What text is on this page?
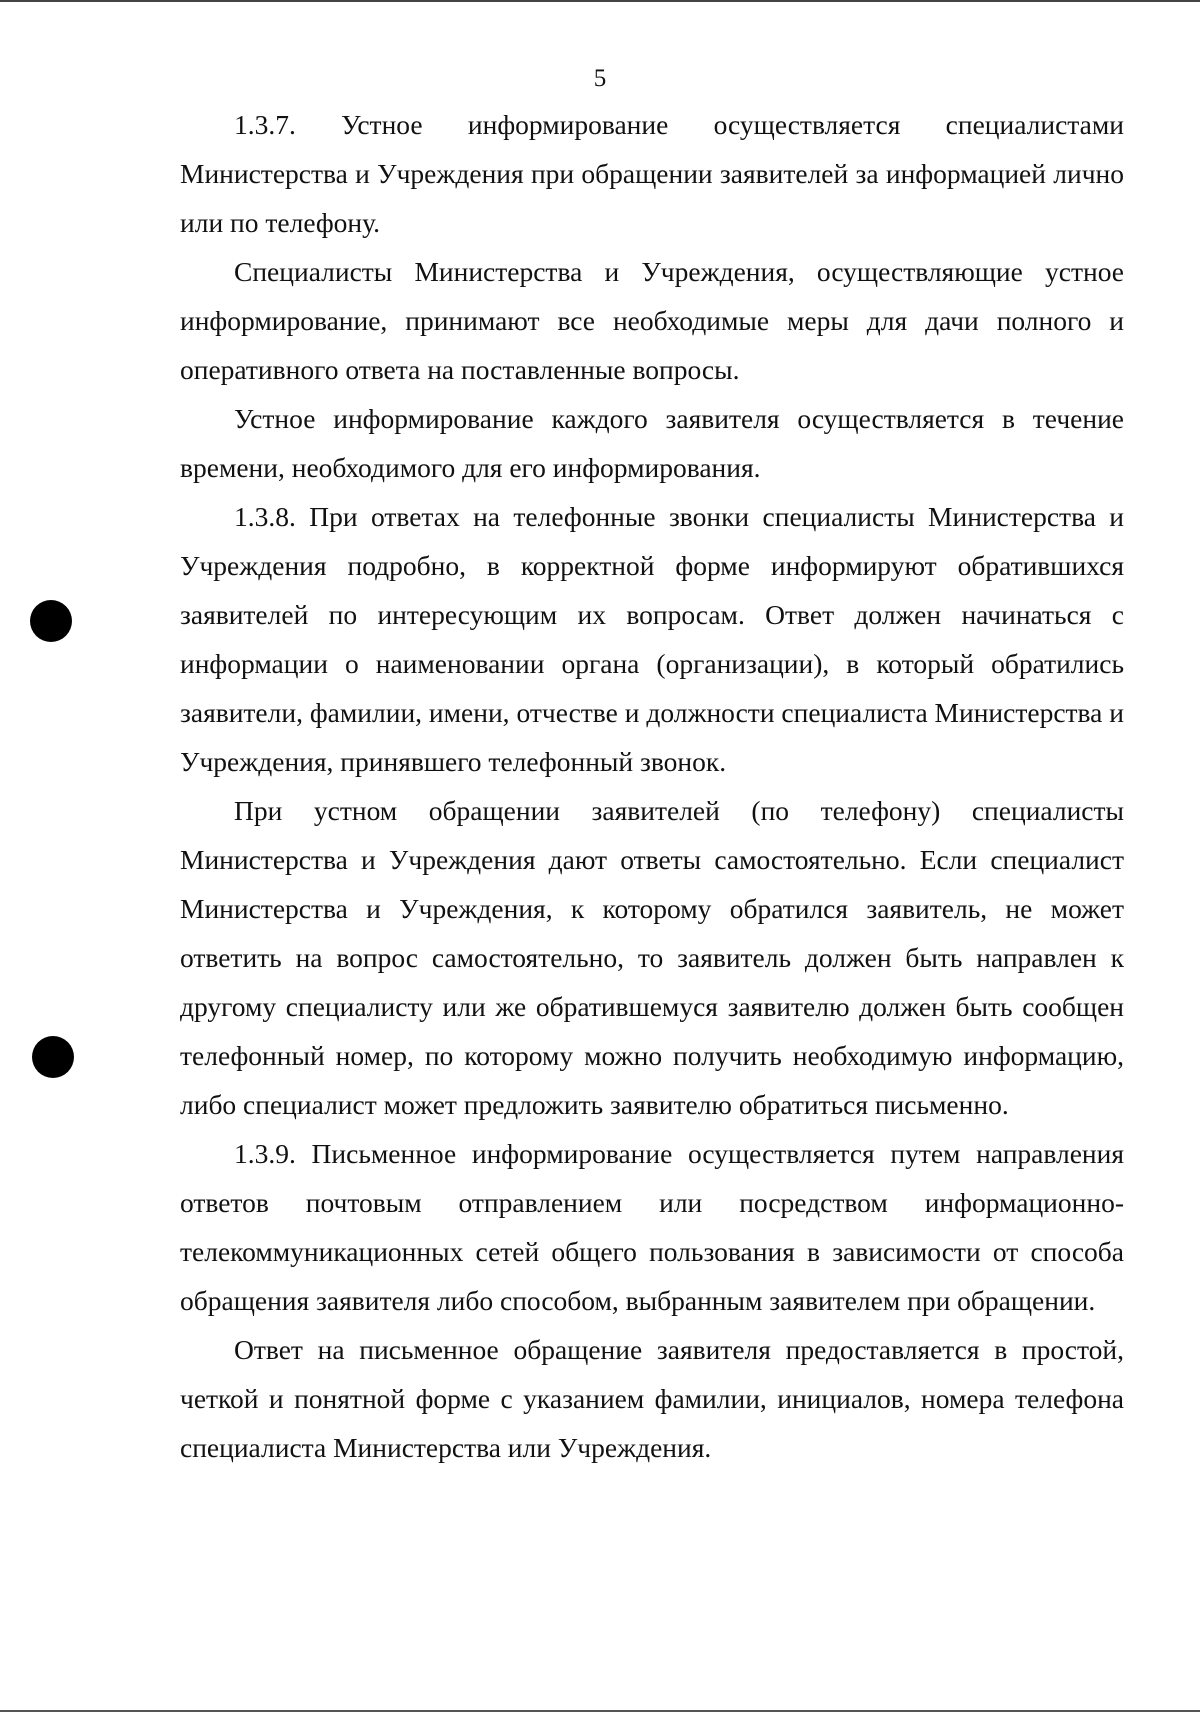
5

1.3.7. Устное информирование осуществляется специалистами Министерства и Учреждения при обращении заявителей за информацией лично или по телефону.

Специалисты Министерства и Учреждения, осуществляющие устное информирование, принимают все необходимые меры для дачи полного и оперативного ответа на поставленные вопросы.

Устное информирование каждого заявителя осуществляется в течение времени, необходимого для его информирования.

1.3.8. При ответах на телефонные звонки специалисты Министерства и Учреждения подробно, в корректной форме информируют обратившихся заявителей по интересующим их вопросам. Ответ должен начинаться с информации о наименовании органа (организации), в который обратились заявители, фамилии, имени, отчестве и должности специалиста Министерства и Учреждения, принявшего телефонный звонок.

При устном обращении заявителей (по телефону) специалисты Министерства и Учреждения дают ответы самостоятельно. Если специалист Министерства и Учреждения, к которому обратился заявитель, не может ответить на вопрос самостоятельно, то заявитель должен быть направлен к другому специалисту или же обратившемуся заявителю должен быть сообщен телефонный номер, по которому можно получить необходимую информацию, либо специалист может предложить заявителю обратиться письменно.

1.3.9. Письменное информирование осуществляется путем направления ответов почтовым отправлением или посредством информационно-телекоммуникационных сетей общего пользования в зависимости от способа обращения заявителя либо способом, выбранным заявителем при обращении.

Ответ на письменное обращение заявителя предоставляется в простой, четкой и понятной форме с указанием фамилии, инициалов, номера телефона специалиста Министерства или Учреждения.
